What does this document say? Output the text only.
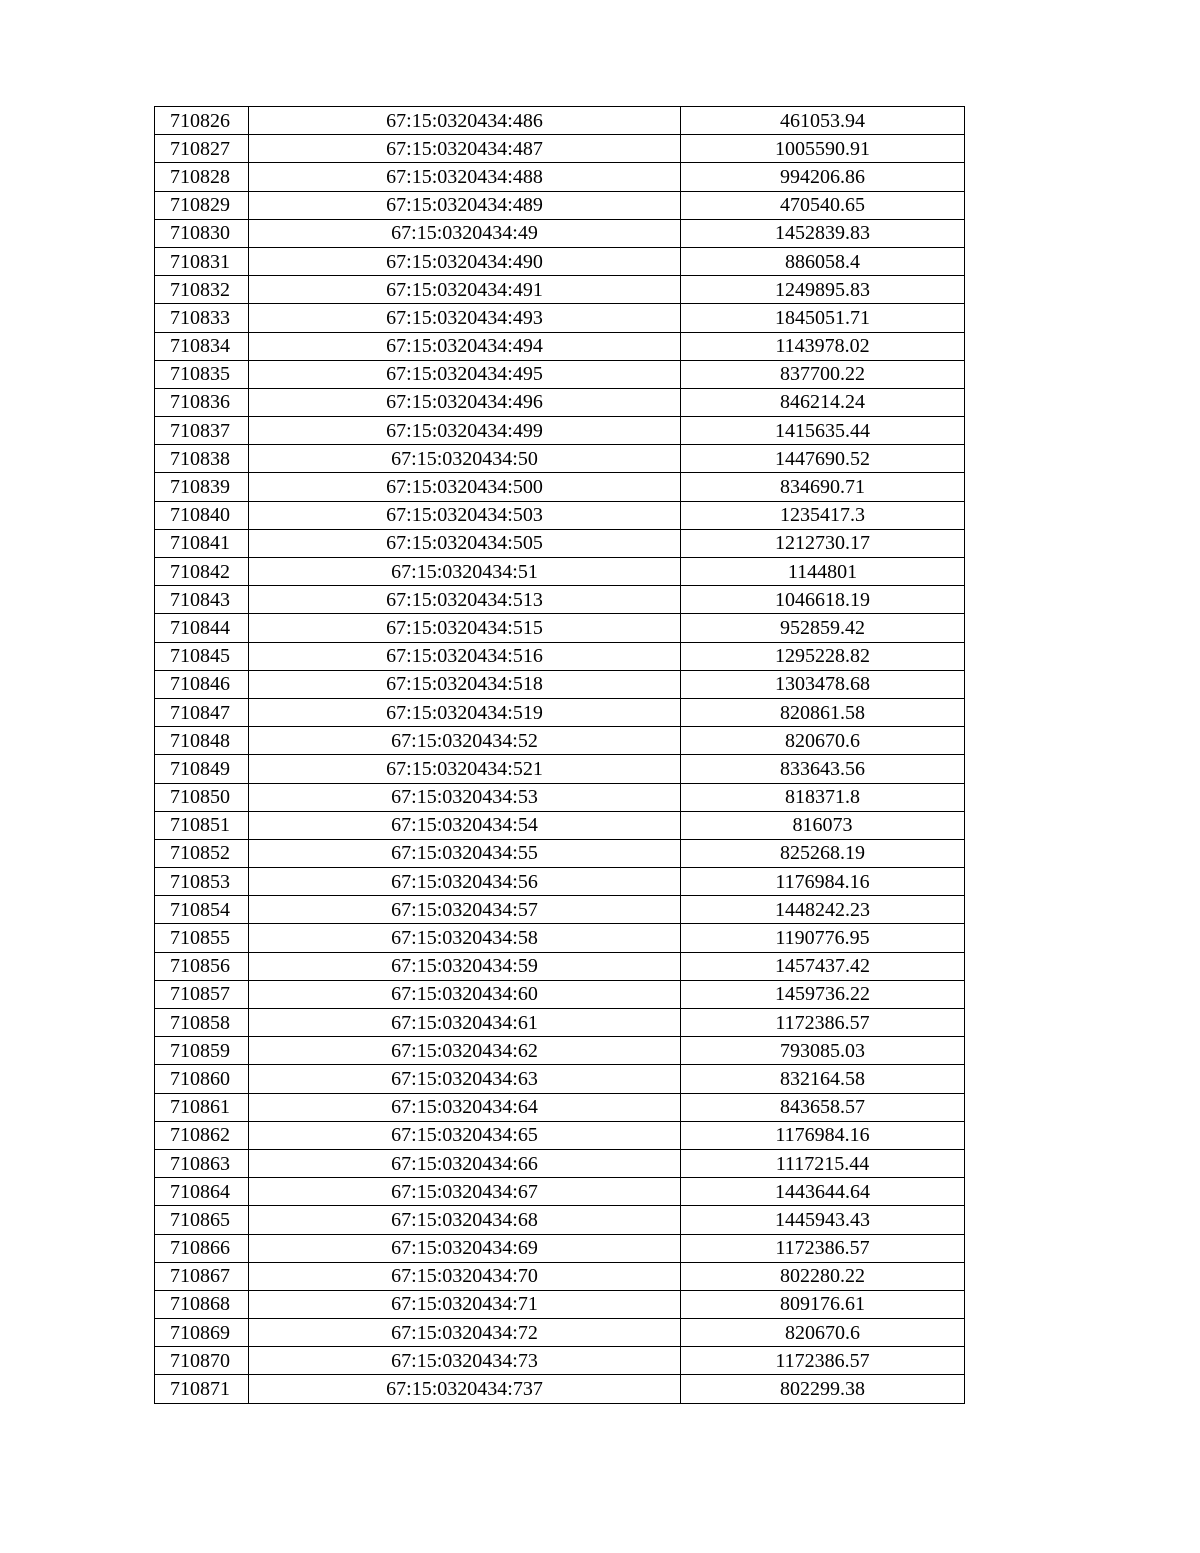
710826	67:15:0320434:486	461053.94
710827	67:15:0320434:487	1005590.91
710828	67:15:0320434:488	994206.86
710829	67:15:0320434:489	470540.65
710830	67:15:0320434:49	1452839.83
710831	67:15:0320434:490	886058.4
710832	67:15:0320434:491	1249895.83
710833	67:15:0320434:493	1845051.71
710834	67:15:0320434:494	1143978.02
710835	67:15:0320434:495	837700.22
710836	67:15:0320434:496	846214.24
710837	67:15:0320434:499	1415635.44
710838	67:15:0320434:50	1447690.52
710839	67:15:0320434:500	834690.71
710840	67:15:0320434:503	1235417.3
710841	67:15:0320434:505	1212730.17
710842	67:15:0320434:51	1144801
710843	67:15:0320434:513	1046618.19
710844	67:15:0320434:515	952859.42
710845	67:15:0320434:516	1295228.82
710846	67:15:0320434:518	1303478.68
710847	67:15:0320434:519	820861.58
710848	67:15:0320434:52	820670.6
710849	67:15:0320434:521	833643.56
710850	67:15:0320434:53	818371.8
710851	67:15:0320434:54	816073
710852	67:15:0320434:55	825268.19
710853	67:15:0320434:56	1176984.16
710854	67:15:0320434:57	1448242.23
710855	67:15:0320434:58	1190776.95
710856	67:15:0320434:59	1457437.42
710857	67:15:0320434:60	1459736.22
710858	67:15:0320434:61	1172386.57
710859	67:15:0320434:62	793085.03
710860	67:15:0320434:63	832164.58
710861	67:15:0320434:64	843658.57
710862	67:15:0320434:65	1176984.16
710863	67:15:0320434:66	1117215.44
710864	67:15:0320434:67	1443644.64
710865	67:15:0320434:68	1445943.43
710866	67:15:0320434:69	1172386.57
710867	67:15:0320434:70	802280.22
710868	67:15:0320434:71	809176.61
710869	67:15:0320434:72	820670.6
710870	67:15:0320434:73	1172386.57
710871	67:15:0320434:737	802299.38
